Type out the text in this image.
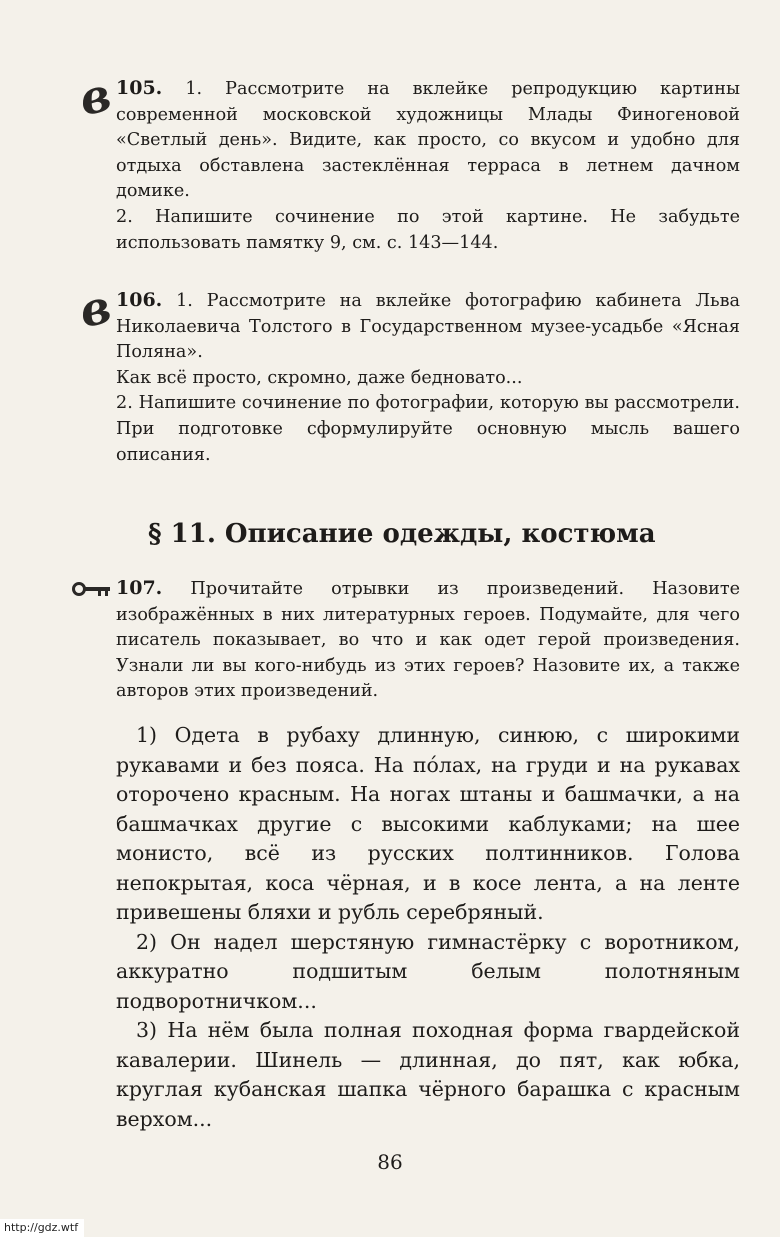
в 105. 1. Рассмотрите на вклейке репродукцию картины современной московской художницы Млады Финогеновой «Светлый день». Видите, как просто, со вкусом и удобно для отдыха обставлена застеклённая терраса в летнем дачном домике.

2. Напишите сочинение по этой картине. Не забудьте использовать памятку 9, см. с. 143—144.

в 106. 1. Рассмотрите на вклейке фотографию кабинета Льва Николаевича Толстого в Государственном музее-усадьбе «Ясная Поляна».

Как всё просто, скромно, даже бедновато...

2. Напишите сочинение по фотографии, которую вы рассмотрели. При подготовке сформулируйте основную мысль вашего описания.

§ 11. Описание одежды, костюма

107. Прочитайте отрывки из произведений. Назовите изображённых в них литературных героев. Подумайте, для чего писатель показывает, во что и как одет герой произведения. Узнали ли вы кого-нибудь из этих героев? Назовите их, а также авторов этих произведений.

1) Одета в рубаху длинную, синюю, с широкими рукавами и без пояса. На пóлах, на груди и на рукавах оторочено красным. На ногах штаны и башмачки, а на башмачках другие с высокими каблуками; на шее монисто, всё из русских полтинников. Голова непокрытая, коса чёрная, и в косе лента, а на ленте привешены бляхи и рубль серебряный.

2) Он надел шерстяную гимнастёрку с воротником, аккуратно подшитым белым полотняным подворотничком...

3) На нём была полная походная форма гвардейской кавалерии. Шинель — длинная, до пят, как юбка, круглая кубанская шапка чёрного барашка с красным верхом...

86
http://gdz.wtf
